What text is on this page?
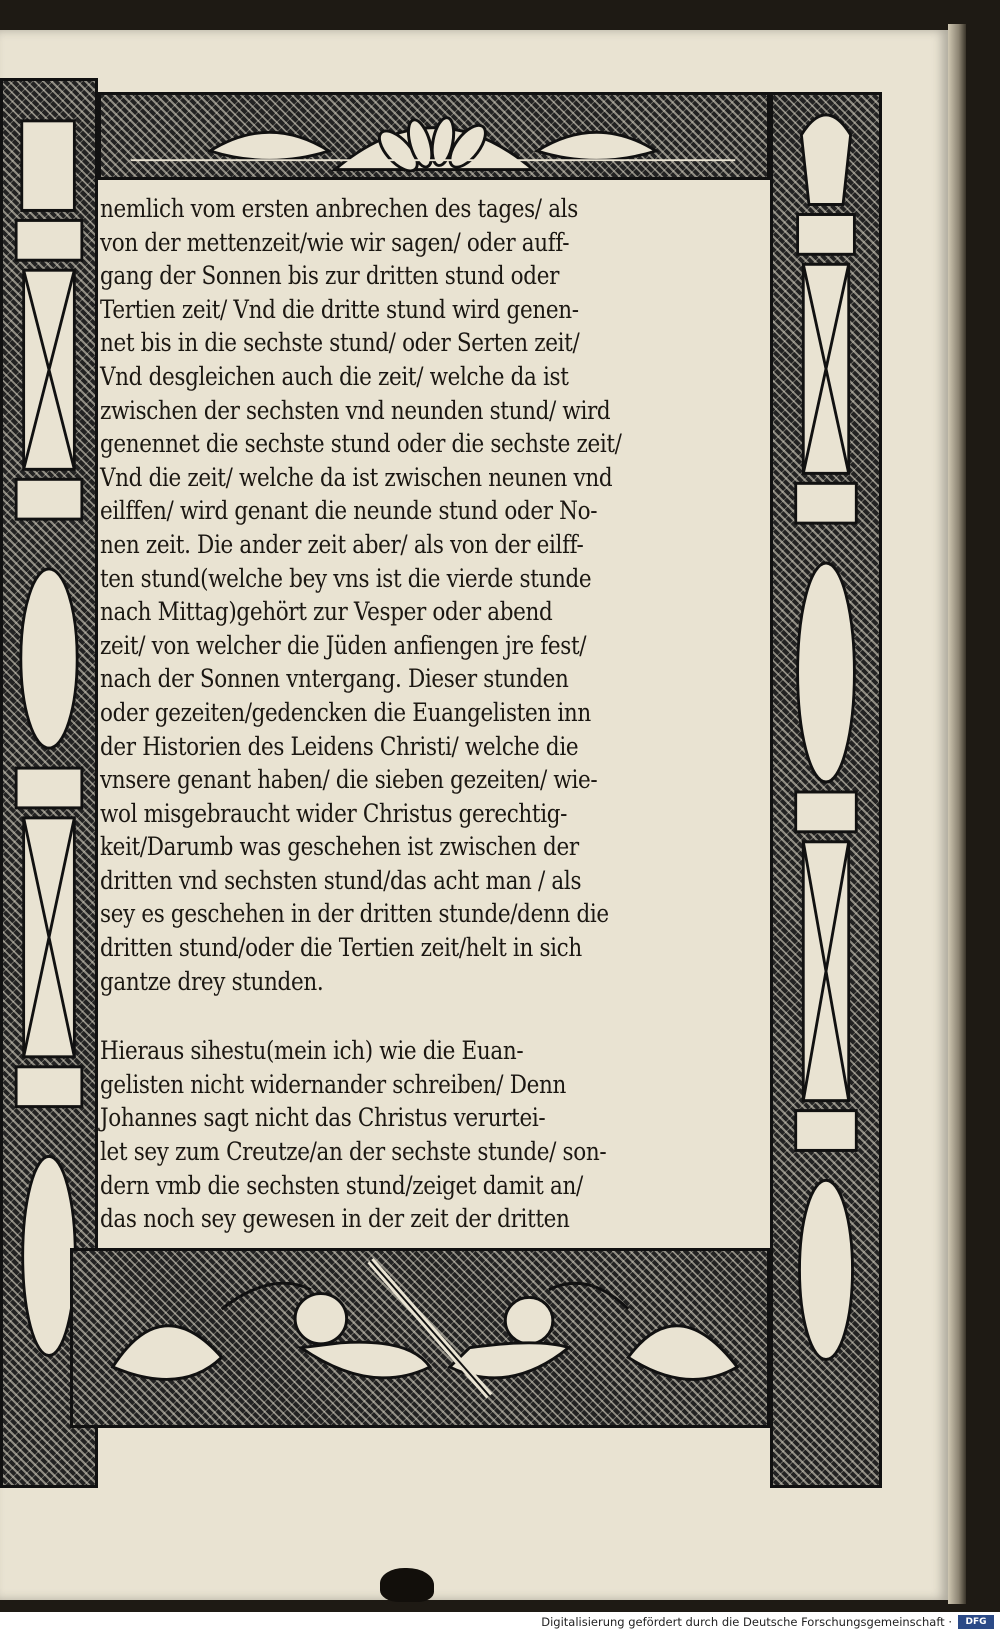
nemlich vom ersten anbrechen des tages/ als
von der mettenzeit/wie wir sagen/ oder auff-
gang der Sonnen bis zur dritten stund oder
Tertien zeit/ Vnd die dritte stund wird genen-
net bis in die sechste stund/ oder Serten zeit/
Vnd desgleichen auch die zeit/ welche da ist
zwischen der sechsten vnd neunden stund/ wird
genennet die sechste stund oder die sechste zeit/
Vnd die zeit/ welche da ist zwischen neunen vnd
eilffen/ wird genant die neunde stund oder No-
nen zeit. Die ander zeit aber/ als von der eilff-
ten stund(welche bey vns ist die vierde stunde
nach Mittag)gehört zur Vesper oder abend
zeit/ von welcher die Jüden anfiengen jre fest/
nach der Sonnen vntergang. Dieser stunden
oder gezeiten/gedencken die Euangelisten inn
der Historien des Leidens Christi/ welche die
vnsere genant haben/ die sieben gezeiten/ wie-
wol misgebraucht wider Christus gerechtig-
keit/Darumb was geschehen ist zwischen der
dritten vnd sechsten stund/das acht man / als
sey es geschehen in der dritten stunde/denn die
dritten stund/oder die Tertien zeit/helt in sich
gantze drey stunden.
Hieraus sihestu(mein ich) wie die Euan-
gelisten nicht widernander schreiben/ Denn
Johannes sagt nicht das Christus verurtei-
let sey zum Creutze/an der sechste stunde/ son-
dern vmb die sechsten stund/zeiget damit an/
das noch sey gewesen in der zeit der dritten
Digitalisierung gefördert durch die Deutsche Forschungsgemeinschaft ·	DFG
